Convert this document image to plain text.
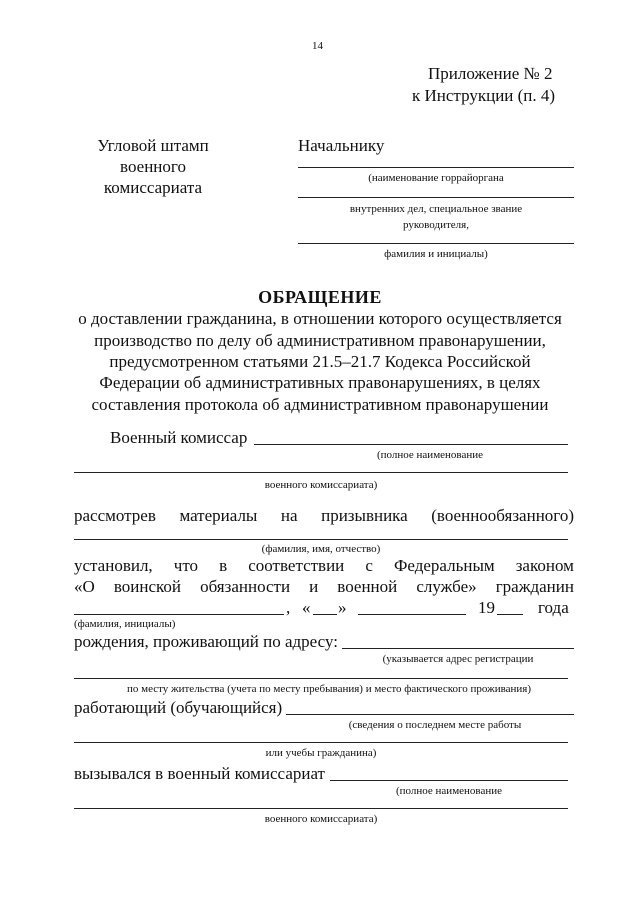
14
Приложение № 2
к Инструкции (п. 4)
Угловой штамп
военного
комиссариата
Начальнику
(наименование горрайоргана
внутренних дел, специальное звание
руководителя,
фамилия и инициалы)
ОБРАЩЕНИЕ
о доставлении гражданина, в отношении которого осуществляется
производство по делу об административном правонарушении,
предусмотренном статьями 21.5–21.7 Кодекса Российской
Федерации об административных правонарушениях, в целях
составления протокола об административном правонарушении
Военный комиссар
(полное наименование
военного комиссариата)
рассмотрев материалы на призывника (военнообязанного)
(фамилия, имя, отчество)
установил, что в соответствии с Федеральным законом
«О воинской обязанности и военной службе» гражданин
, « »	19	года
(фамилия, инициалы)
рождения, проживающий по адресу:
(указывается адрес регистрации
по месту жительства (учета по месту пребывания) и место фактического проживания)
работающий (обучающийся)
(сведения о последнем месте работы
или учебы гражданина)
вызывался в военный комиссариат
(полное наименование
военного комиссариата)
